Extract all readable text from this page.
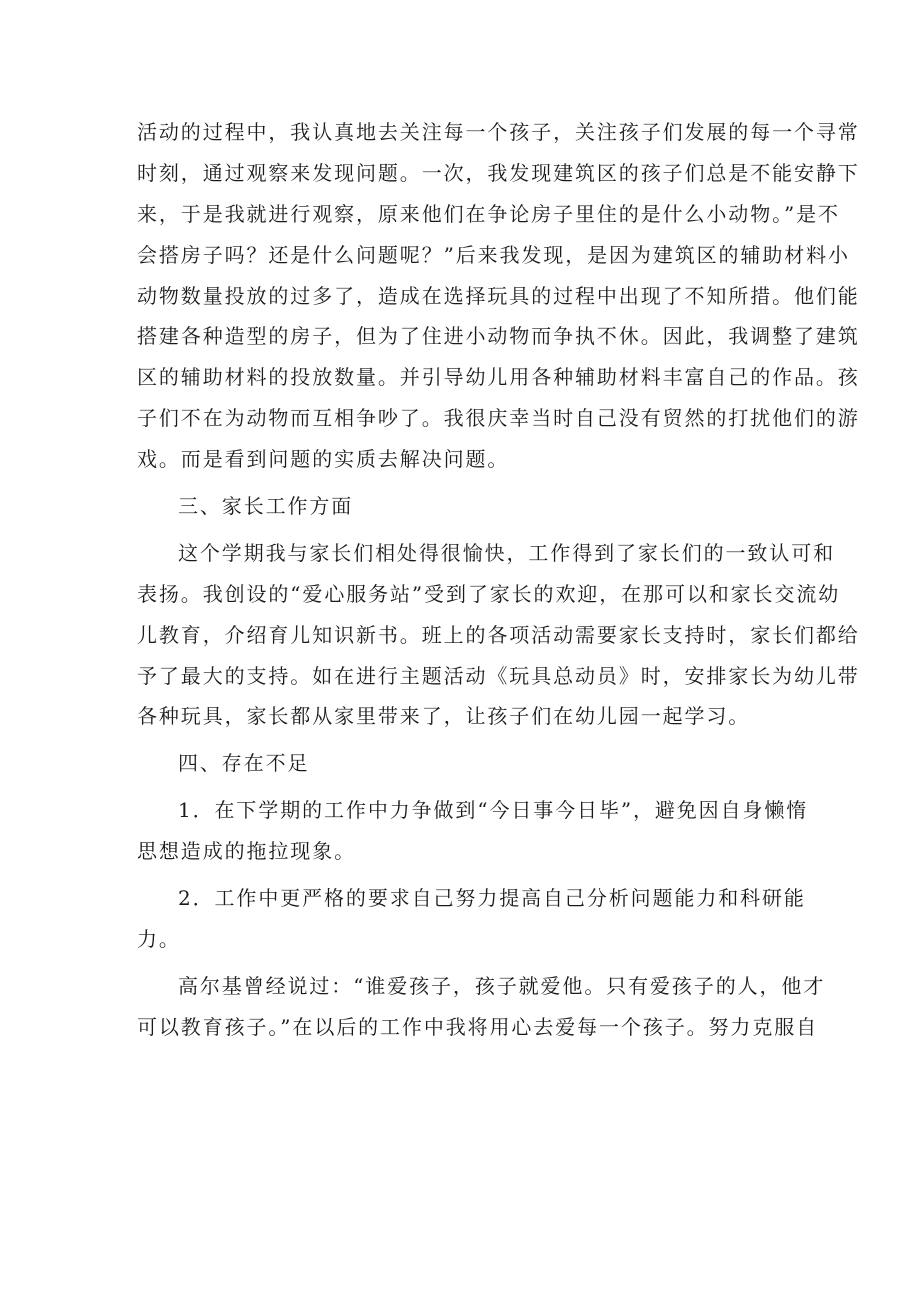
活动的过程中，我认真地去关注每一个孩子，关注孩子们发展的每一个寻常
时刻，通过观察来发现问题。一次，我发现建筑区的孩子们总是不能安静下
来，于是我就进行观察，原来他们在争论房子里住的是什么小动物。”是不
会搭房子吗？还是什么问题呢？”后来我发现，是因为建筑区的辅助材料小
动物数量投放的过多了，造成在选择玩具的过程中出现了不知所措。他们能
搭建各种造型的房子，但为了住进小动物而争执不休。因此，我调整了建筑
区的辅助材料的投放数量。并引导幼儿用各种辅助材料丰富自己的作品。孩
子们不在为动物而互相争吵了。我很庆幸当时自己没有贸然的打扰他们的游
戏。而是看到问题的实质去解决问题。
三、家长工作方面
这个学期我与家长们相处得很愉快，工作得到了家长们的一致认可和
表扬。我创设的“爱心服务站”受到了家长的欢迎，在那可以和家长交流幼
儿教育，介绍育儿知识新书。班上的各项活动需要家长支持时，家长们都给
予了最大的支持。如在进行主题活动《玩具总动员》时，安排家长为幼儿带
各种玩具，家长都从家里带来了，让孩子们在幼儿园一起学习。
四、存在不足
1．在下学期的工作中力争做到“今日事今日毕”，避免因自身懒惰
思想造成的拖拉现象。
2．工作中更严格的要求自己努力提高自己分析问题能力和科研能
力。
高尔基曾经说过：“谁爱孩子，孩子就爱他。只有爱孩子的人，他才
可以教育孩子。”在以后的工作中我将用心去爱每一个孩子。努力克服自
